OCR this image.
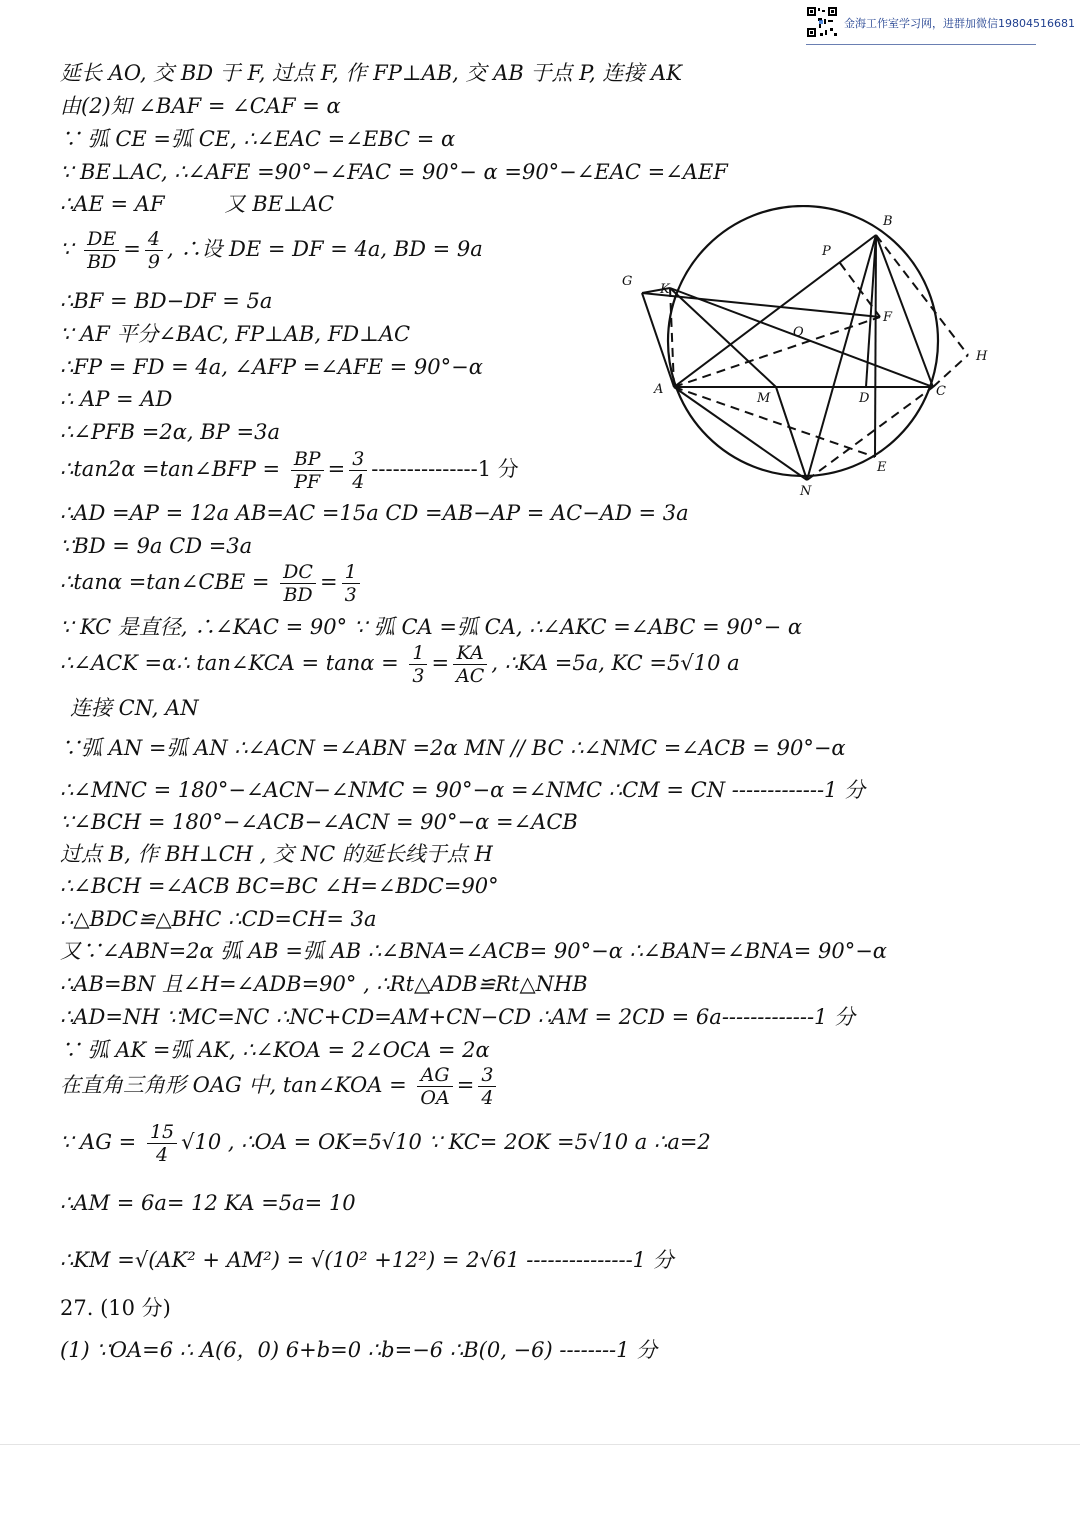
金海工作室学习网，进群加微信19804516681
B
P
G
K
O
F
H
A
M	D	C
E
N
延长 AO, 交 BD 于 F, 过点 F, 作 FP⊥AB, 交 AB 于点 P, 连接 AK
由(2)知 ∠BAF = ∠CAF = α
∵ 弧 CE =弧 CE, ∴∠EAC =∠EBC = α
∵ BE⊥AC, ∴∠AFE =90°−∠FAC = 90°− α =90°−∠EAC =∠AEF
∴AE = AF	又 BE⊥AC
∵ $\frac{DE}{BD} = \frac{4}{9}$ , ∴设 DE = DF = 4a, BD = 9a
∴BF = BD−DF = 5a
∵ AF 平分∠BAC, FP⊥AB, FD⊥AC
∴FP = FD = 4a, ∠AFP =∠AFE = 90°−α
∴ AP = AD
∴∠PFB =2α, BP =3a
∴tan2α =tan∠BFP = $\frac{BP}{PF} = \frac{3}{4} ---------------1$ 分
∴AD =AP = 12a AB=AC =15a CD =AB−AP = AC−AD = 3a
∵BD = 9a CD =3a
∴tanα =tan∠CBE = $\frac{DC}{BD} = \frac{1}{3}$
∵ KC 是直径, ∴∠KAC = 90° ∵ 弧 CA =弧 CA, ∴∠AKC =∠ABC = 90°− α
∴∠ACK =α∴ tan∠KCA = $\tan\alpha = \frac{1}{3} = \frac{KA}{AC}$ , ∴KA =5a, KC =5√10 a
连接 CN, AN
∵弧 AN =弧 AN ∴∠ACN =∠ABN =2α MN // BC ∴∠NMC =∠ACB = 90°−α
∴∠MNC = 180°−∠ACN−∠NMC = 90°−α =∠NMC ∴CM = CN -------------1 分
∵∠BCH = 180°−∠ACB−∠ACN = 90°−α =∠ACB
过点 B, 作 BH⊥CH , 交 NC 的延长线于点 H
∴∠BCH =∠ACB BC=BC ∠H=∠BDC=90°
∴△BDC≌△BHC ∴CD=CH= 3a
又∵∠ABN=2α 弧 AB =弧 AB ∴∠BNA=∠ACB= 90°−α ∴∠BAN=∠BNA= 90°−α
∴AB=BN 且∠H=∠ADB=90° , ∴Rt△ADB≌Rt△NHB
∴AD=NH ∵MC=NC ∴NC+CD=AM+CN−CD ∴AM = 2CD = 6a-------------1 分
∵ 弧 AK =弧 AK, ∴∠KOA = 2∠OCA = 2α
在直角三角形 OAG 中, tan∠KOA = $\frac{AG}{OA} = \frac{3}{4}$
∵ AG = $\frac{15}{4} √10$ , ∴OA = OK=5√10 ∵ KC= 2OK =5√10 a ∴a=2
∴AM = 6a= 12 KA =5a= 10
∴KM =√(AK² + AM²) = √(10² +12²) = 2√61 ---------------1 分
27. (10 分)
(1) ∵OA=6 ∴ A(6，0) 6+b=0 ∴b=−6 ∴B(0, −6) --------1 分
